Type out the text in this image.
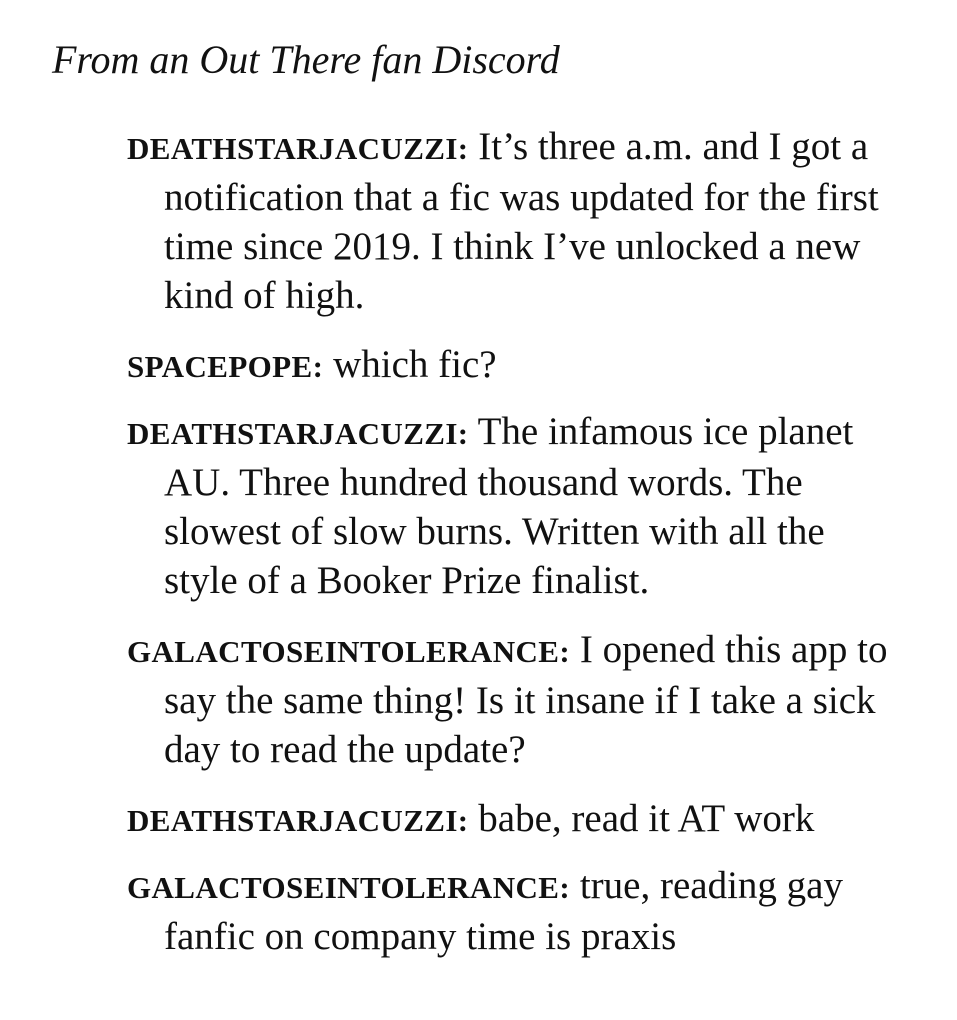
From an Out There fan Discord

DEATHSTARJACUZZI: It’s three a.m. and I got a notification that a fic was updated for the first time since 2019. I think I’ve unlocked a new kind of high.

SPACEPOPE: which fic?

DEATHSTARJACUZZI: The infamous ice planet AU. Three hundred thousand words. The slowest of slow burns. Written with all the style of a Booker Prize finalist.

GALACTOSEINTOLERANCE: I opened this app to say the same thing! Is it insane if I take a sick day to read the update?

DEATHSTARJACUZZI: babe, read it AT work

GALACTOSEINTOLERANCE: true, reading gay fanfic on company time is praxis
